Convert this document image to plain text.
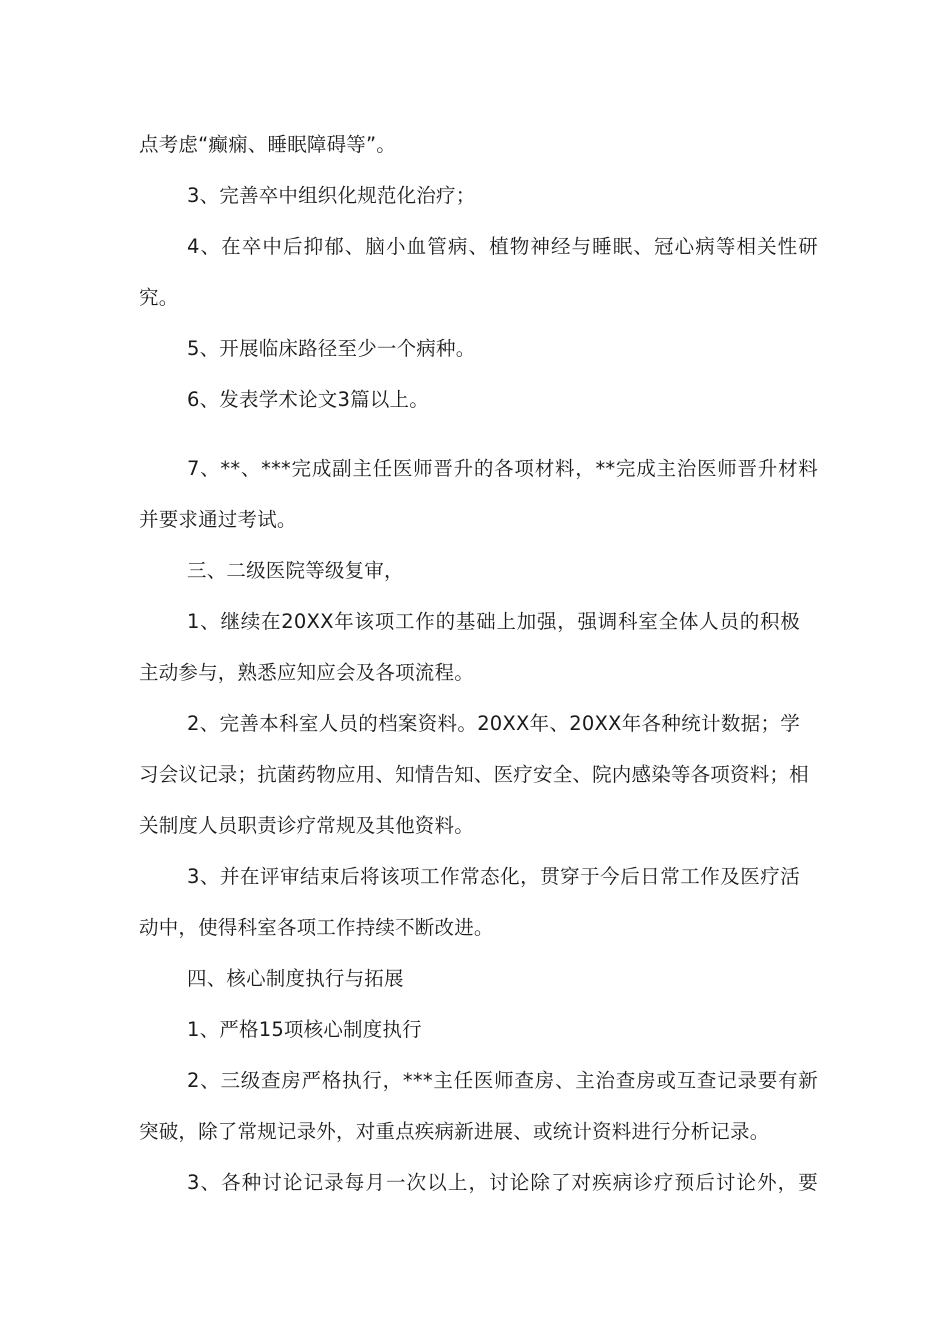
点考虑“癫痫、睡眠障碍等”。
3、完善卒中组织化规范化治疗；
4、在卒中后抑郁、脑小血管病、植物神经与睡眠、冠心病等相关性研
究。
5、开展临床路径至少一个病种。
6、发表学术论文3篇以上。
7、**、***完成副主任医师晋升的各项材料，**完成主治医师晋升材料
并要求通过考试。
三、二级医院等级复审，
1、继续在20XX年该项工作的基础上加强，强调科室全体人员的积极
主动参与，熟悉应知应会及各项流程。
2、完善本科室人员的档案资料。20XX年、20XX年各种统计数据；学
习会议记录；抗菌药物应用、知情告知、医疗安全、院内感染等各项资料；相
关制度人员职责诊疗常规及其他资料。
3、并在评审结束后将该项工作常态化，贯穿于今后日常工作及医疗活
动中，使得科室各项工作持续不断改进。
四、核心制度执行与拓展
1、严格15项核心制度执行
2、三级查房严格执行，***主任医师查房、主治查房或互查记录要有新
突破，除了常规记录外，对重点疾病新进展、或统计资料进行分析记录。
3、各种讨论记录每月一次以上，讨论除了对疾病诊疗预后讨论外，要
